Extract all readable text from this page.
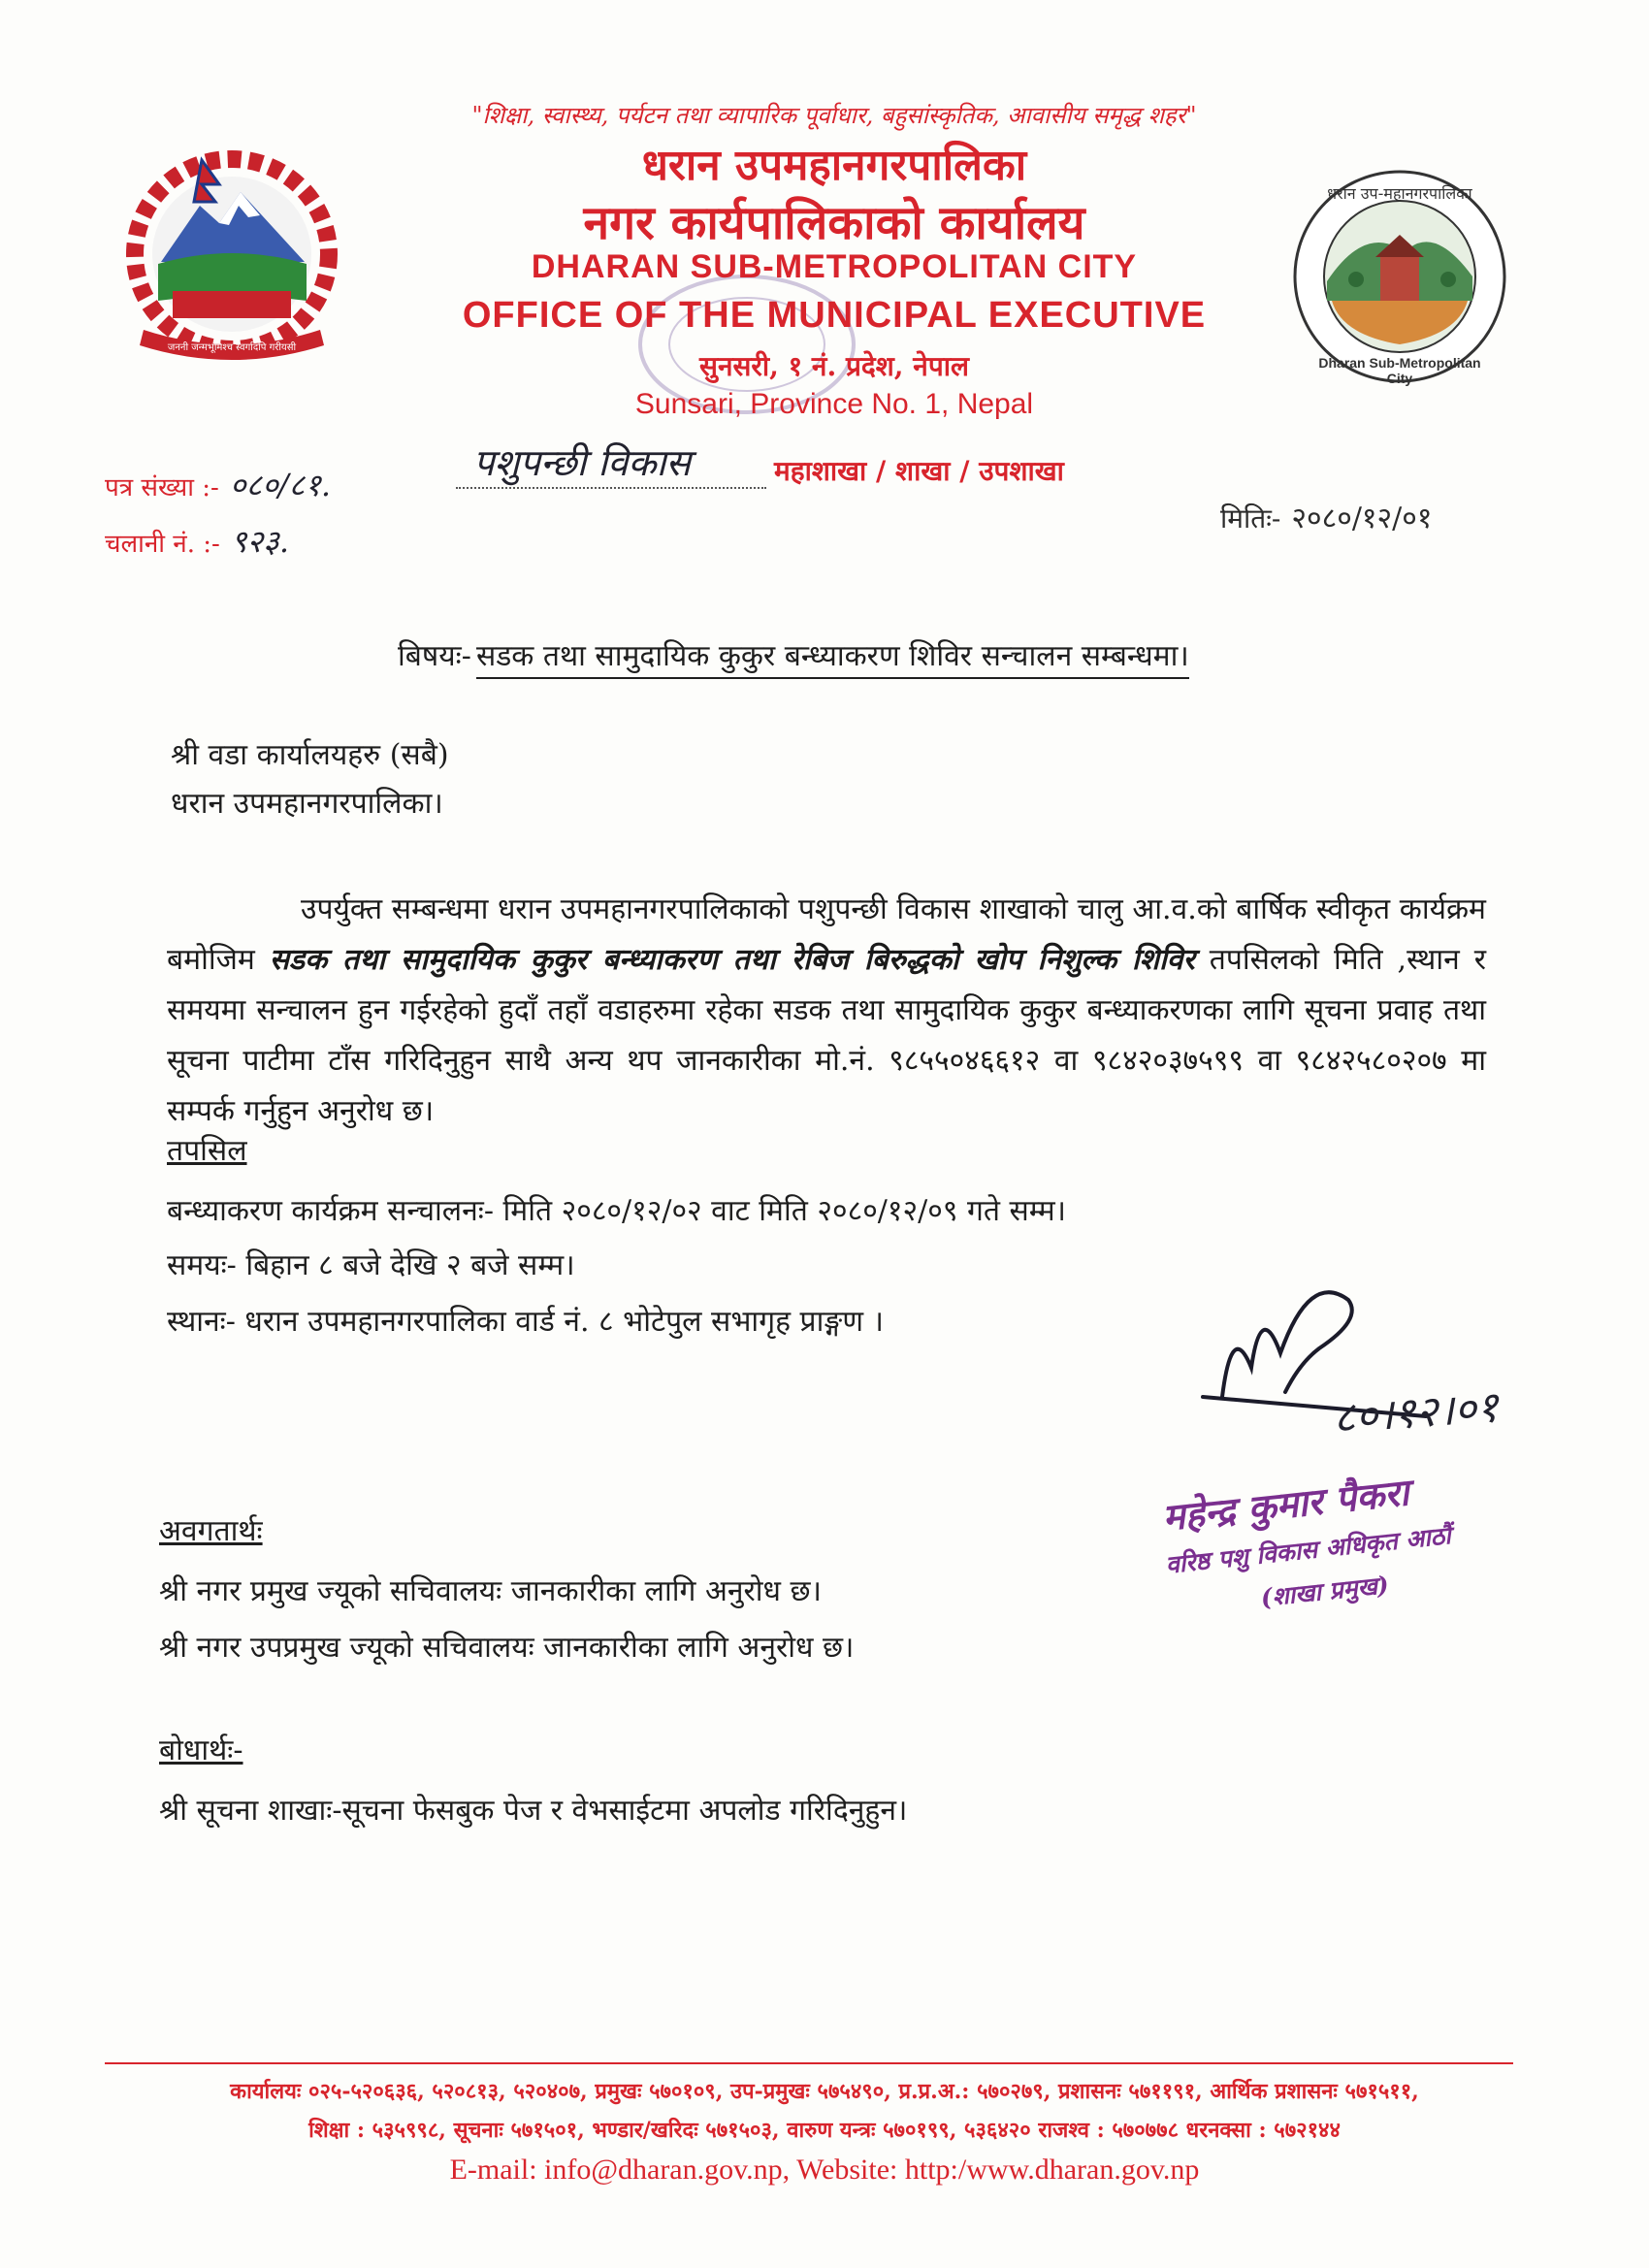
जननी जन्मभूमिश्च स्वर्गादपि गरीयसी
धरान उप-महानगरपालिका
Dharan Sub-Metropolitan City
"शिक्षा, स्वास्थ्य, पर्यटन तथा व्यापारिक पूर्वाधार, बहुसांस्कृतिक, आवासीय समृद्ध शहर"
धरान उपमहानगरपालिका
नगर कार्यपालिकाको कार्यालय
DHARAN SUB-METROPOLITAN CITY
OFFICE OF THE MUNICIPAL EXECUTIVE
सुनसरी, १ नं. प्रदेश, नेपाल
Sunsari, Province No. 1, Nepal
पत्र संख्या :- ०८०/८१.
चलानी नं. :- ९२३.
पशुपन्छी विकास	महाशाखा / शाखा / उपशाखा
मितिः- २०८०/१२/०१
बिषयः- सडक तथा सामुदायिक कुकुर बन्ध्याकरण शिविर सन्चालन सम्बन्धमा।
श्री वडा कार्यालयहरु (सबै)
धरान उपमहानगरपालिका।
उपर्युक्त सम्बन्धमा धरान उपमहानगरपालिकाको पशुपन्छी विकास शाखाको चालु आ.व.को बार्षिक स्वीकृत कार्यक्रम बमोजिम सडक तथा सामुदायिक कुकुर बन्ध्याकरण तथा रेबिज बिरुद्धको खोप निशुल्क शिविर तपसिलको मिति ,स्थान र समयमा सन्चालन हुन गईरहेको हुदाँ तहाँ वडाहरुमा रहेका सडक तथा सामुदायिक कुकुर बन्ध्याकरणका लागि सूचना प्रवाह तथा सूचना पाटीमा टाँस गरिदिनुहुन साथै अन्य थप जानकारीका मो.नं. ९८५५०४६६१२ वा ९८४२०३७५९९ वा ९८४२५८०२०७ मा सम्पर्क गर्नुहुन अनुरोध छ।
तपसिल
बन्ध्याकरण कार्यक्रम सन्चालनः- मिति २०८०/१२/०२ वाट मिति २०८०/१२/०९ गते सम्म।
समयः- बिहान ८ बजे देखि २ बजे सम्म।
स्थानः- धरान उपमहानगरपालिका वार्ड नं. ८ भोटेपुल सभागृह प्राङ्गण ।
८०।१२।०१
महेन्द्र कुमार पैकरा
वरिष्ठ पशु विकास अधिकृत आठौं
(शाखा प्रमुख)
अवगतार्थः
श्री नगर प्रमुख ज्यूको सचिवालयः जानकारीका लागि अनुरोध छ।
श्री नगर उपप्रमुख ज्यूको सचिवालयः जानकारीका लागि अनुरोध छ।
बोधार्थः-
श्री सूचना शाखाः-सूचना फेसबुक पेज र वेभसाईटमा अपलोड गरिदिनुहुन।
कार्यालयः ०२५-५२०६३६, ५२०८१३, ५२०४०७, प्रमुखः ५७०१०९, उप-प्रमुखः ५७५४९०, प्र.प्र.अ.: ५७०२७९, प्रशासनः ५७११९१, आर्थिक प्रशासनः ५७१५११,
शिक्षा : ५३५९९८, सूचनाः ५७१५०१, भण्डार/खरिदः ५७१५०३, वारुण यन्त्रः ५७०१९९, ५३६४२० राजश्व : ५७०७७८ धरनक्सा : ५७२१४४
E-mail: info@dharan.gov.np, Website: http:/www.dharan.gov.np
